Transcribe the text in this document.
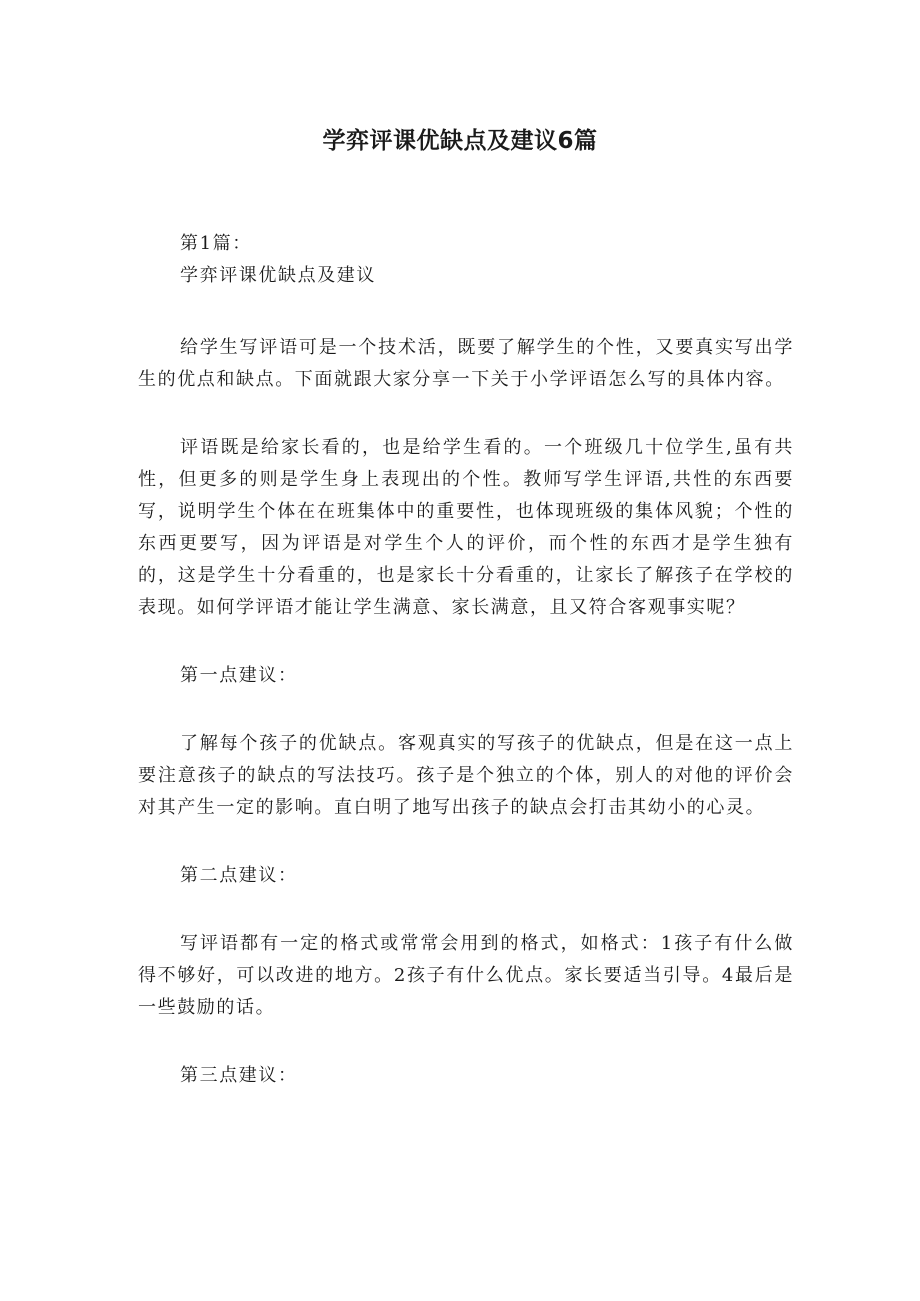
学弈评课优缺点及建议6篇

第1篇：

学弈评课优缺点及建议

给学生写评语可是一个技术活，既要了解学生的个性，又要真实写出学生的优点和缺点。下面就跟大家分享一下关于小学评语怎么写的具体内容。

评语既是给家长看的，也是给学生看的。一个班级几十位学生,虽有共性，但更多的则是学生身上表现出的个性。教师写学生评语,共性的东西要写，说明学生个体在在班集体中的重要性，也体现班级的集体风貌；个性的东西更要写，因为评语是对学生个人的评价，而个性的东西才是学生独有的，这是学生十分看重的，也是家长十分看重的，让家长了解孩子在学校的表现。如何学评语才能让学生满意、家长满意，且又符合客观事实呢？

第一点建议：

了解每个孩子的优缺点。客观真实的写孩子的优缺点，但是在这一点上要注意孩子的缺点的写法技巧。孩子是个独立的个体，别人的对他的评价会对其产生一定的影响。直白明了地写出孩子的缺点会打击其幼小的心灵。

第二点建议：

写评语都有一定的格式或常常会用到的格式，如格式：1孩子有什么做得不够好，可以改进的地方。2孩子有什么优点。家长要适当引导。4最后是一些鼓励的话。

第三点建议：
